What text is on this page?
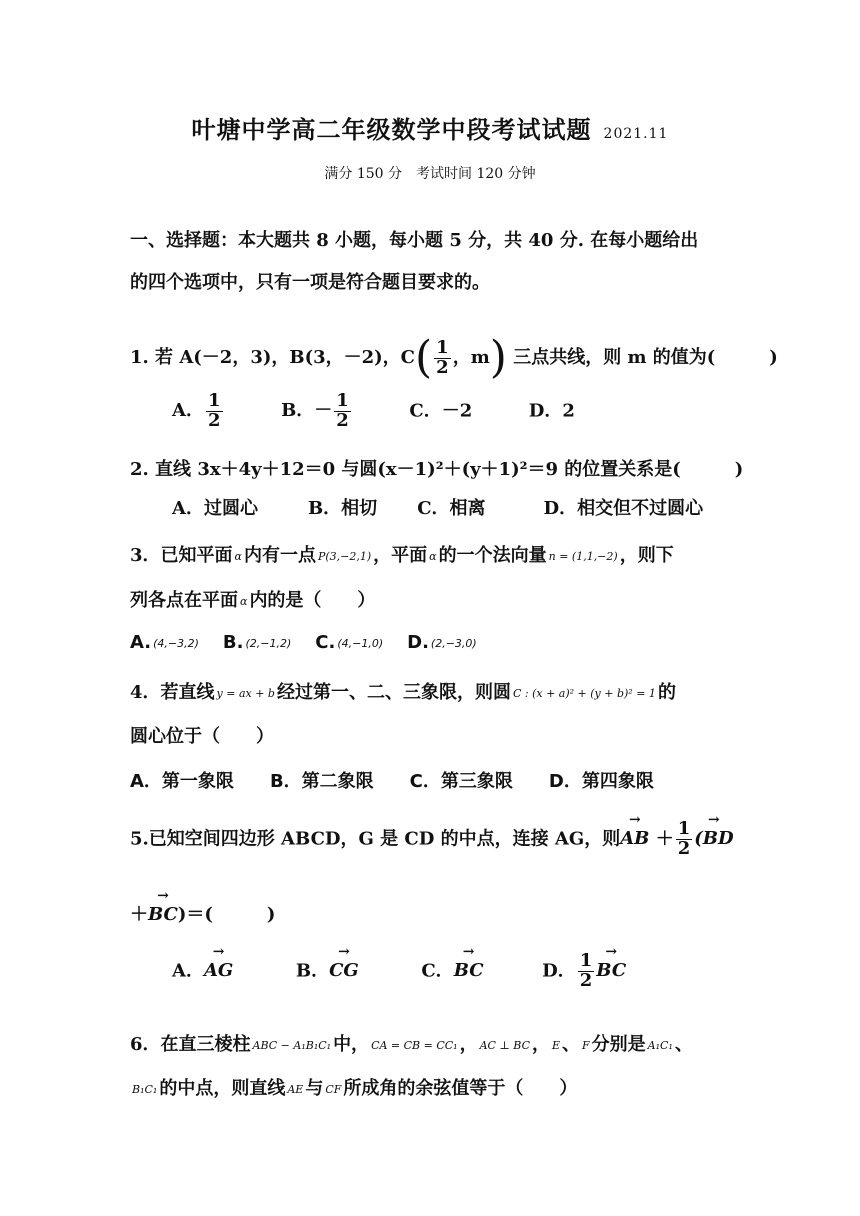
叶塘中学高二年级数学中段考试试题 2021.11
满分 150 分　考试时间 120 分钟
一、选择题：本大题共 8 小题，每小题 5 分，共 40 分. 在每小题给出
的四个选项中，只有一项是符合题目要求的。
1. 若 A(－2，3)，B(3，－2)，$C( \frac{1}{2}$ ，m) 三点共线，则 m 的值为(　　　)
A． $\frac{1}{2}$	B．－ $\frac{1}{2}$	C．－2	D．2
2. 直线 3x＋4y＋12＝0 与圆(x－1)²＋(y＋1)²＝9 的位置关系是(　　　)
A．过圆心	B．相切 C．相离	D．相交但不过圆心
3．已知平面 α 内有一点 P(3,−2,1) ，平面 α 的一个法向量 n = (1,1,−2) ，则下
列各点在平面 α 内的是（　　）
A. (4,−3,2) B. (2,−1,2) C. (4,−1,0) D. (2,−3,0)
4．若直线 y = ax + b 经过第一、二、三象限，则圆 C : (x + a)² + (y + b)² = 1 的
圆心位于（　　）
A．第一象限 B．第二象限 C．第三象限 D．第四象限
5.已知空间四边形 ABCD，G 是 CD 的中点，连接 AG，则→ AB ＋ $\frac{1}{2}$
→ (BD
＋→ BC)＝(　　　)
A．→ AG	B．→ CG	C．→ BC	D． $\frac{1}{2}$
→ BC
6．在直三棱柱 ABC − A₁B₁C₁ 中， CA = CB = CC₁ ， AC ⊥ BC ， E 、 F 分别是 A₁C₁ 、
B₁C₁ 的中点，则直线 AE 与 CF 所成角的余弦值等于（　　）
